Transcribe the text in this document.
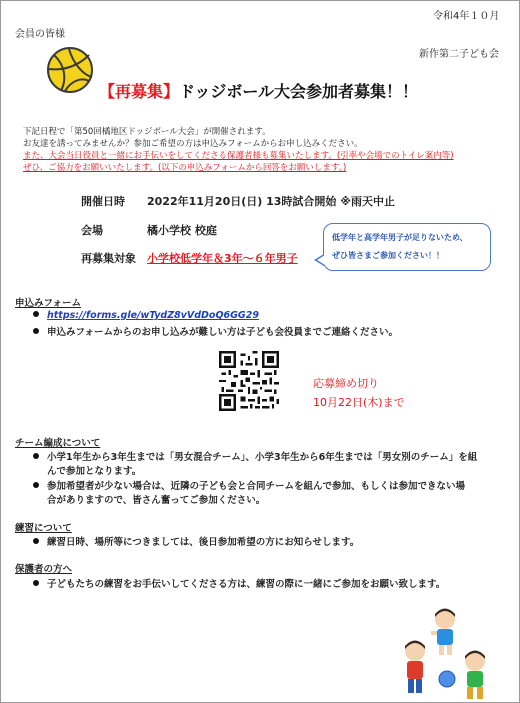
令和4年１０月
会員の皆様
新作第二子ども会
【再募集】ドッジボール大会参加者募集！！
下記日程で「第50回橘地区ドッジボール大会」が開催されます。
お友達を誘ってみませんか？参加ご希望の方は申込みフォームからお申し込みください。
また、大会当日役員と一緒にお手伝いをしてくださる保護者様も募集いたします。(引率や会場でのトイレ案内等)
ぜひ、ご協力をお願いいたします。(以下の申込みフォームから回答をお願いします。)
開催日時 2022年11月20日(日) 13時試合開始 ※雨天中止
会場	橘小学校 校庭
再募集対象 小学校低学年＆3年〜６年男子
低学年と高学年男子が足りないため、
ぜひ皆さまご参加ください！！
申込みフォーム
https://forms.gle/wTydZ8vVdDoQ6GG29
申込みフォームからのお申し込みが難しい方は子ども会役員までご連絡ください。
応募締め切り
10月22日(木)まで
チーム編成について
小学1年生から3年生までは「男女混合チーム」、小学3年生から6年生までは「男女別のチーム」を組
んで参加となります。
参加希望者が少ない場合は、近隣の子ども会と合同チームを組んで参加、もしくは参加できない場
合がありますので、皆さん奮ってご参加ください。
練習について
練習日時、場所等につきましては、後日参加希望の方にお知らせします。
保護者の方へ
子どもたちの練習をお手伝いしてくださる方は、練習の際に一緒にご参加をお願い致します。
